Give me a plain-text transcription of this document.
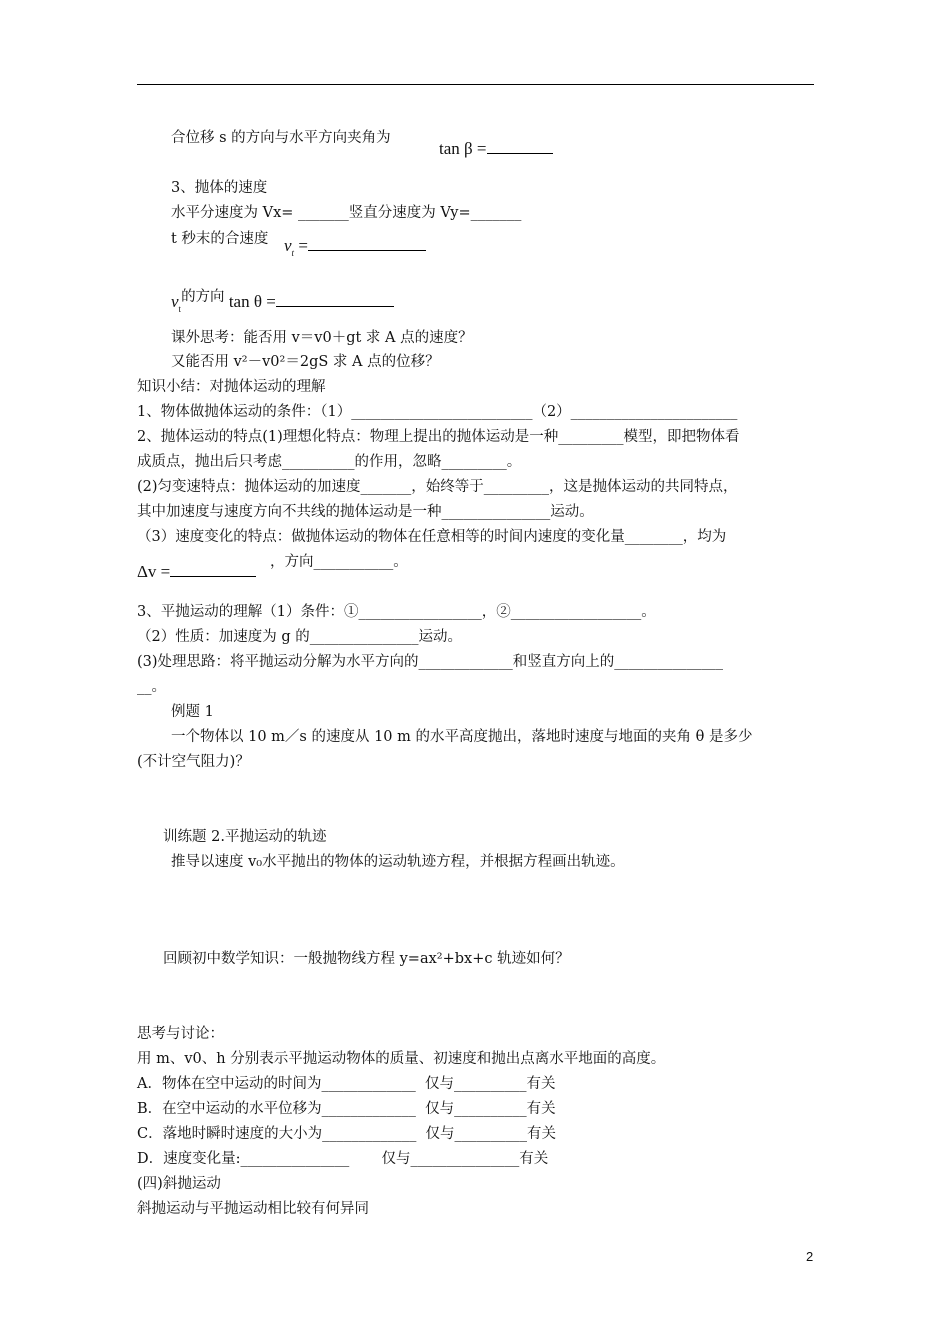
合位移 s 的方向与水平方向夹角为
tan β =
3、抛体的速度
水平分速度为 Vx= _______竖直分速度为 Vy=_______
t 秒末的合速度 $v_t$ =
$v_t$的方向 tan θ =
课外思考：能否用 v＝v0＋gt 求 A 点的速度？
又能否用 v²－v0²＝2gS 求 A 点的位移？
知识小结：对抛体运动的理解
1、物体做抛体运动的条件：（1）_________________________（2）_______________________
2、抛体运动的特点(1)理想化特点：物理上提出的抛体运动是一种_________模型，即把物体看
成质点，抛出后只考虑__________的作用，忽略_________。
(2)匀变速特点：抛体运动的加速度_______，始终等于_________，这是抛体运动的共同特点，
其中加速度与速度方向不共线的抛体运动是一种_______________运动。
（3）速度变化的特点：做抛体运动的物体在任意相等的时间内速度的变化量________，均为
Δv =	，方向___________。
3、平抛运动的理解（1）条件：①_________________，②__________________。
（2）性质：加速度为 g 的_______________运动。
(3)处理思路：将平抛运动分解为水平方向的_____________和竖直方向上的_______________
__。
例题 1
一个物体以 10 m／s 的速度从 10 m 的水平高度抛出，落地时速度与地面的夹角 θ 是多少
(不计空气阻力)？
训练题 2.平抛运动的轨迹
推导以速度 v₀水平抛出的物体的运动轨迹方程，并根据方程画出轨迹。
回顾初中数学知识：一般抛物线方程 y=ax²+bx+c 轨迹如何？
思考与讨论：
用 m、v0、h 分别表示平抛运动物体的质量、初速度和抛出点离水平地面的高度。
A．物体在空中运动的时间为_____________  仅与__________有关
B．在空中运动的水平位移为_____________  仅与__________有关
C．落地时瞬时速度的大小为_____________  仅与__________有关
D．速度变化量:_______________       仅与_______________有关
(四)斜抛运动
斜抛运动与平抛运动相比较有何异同
2
